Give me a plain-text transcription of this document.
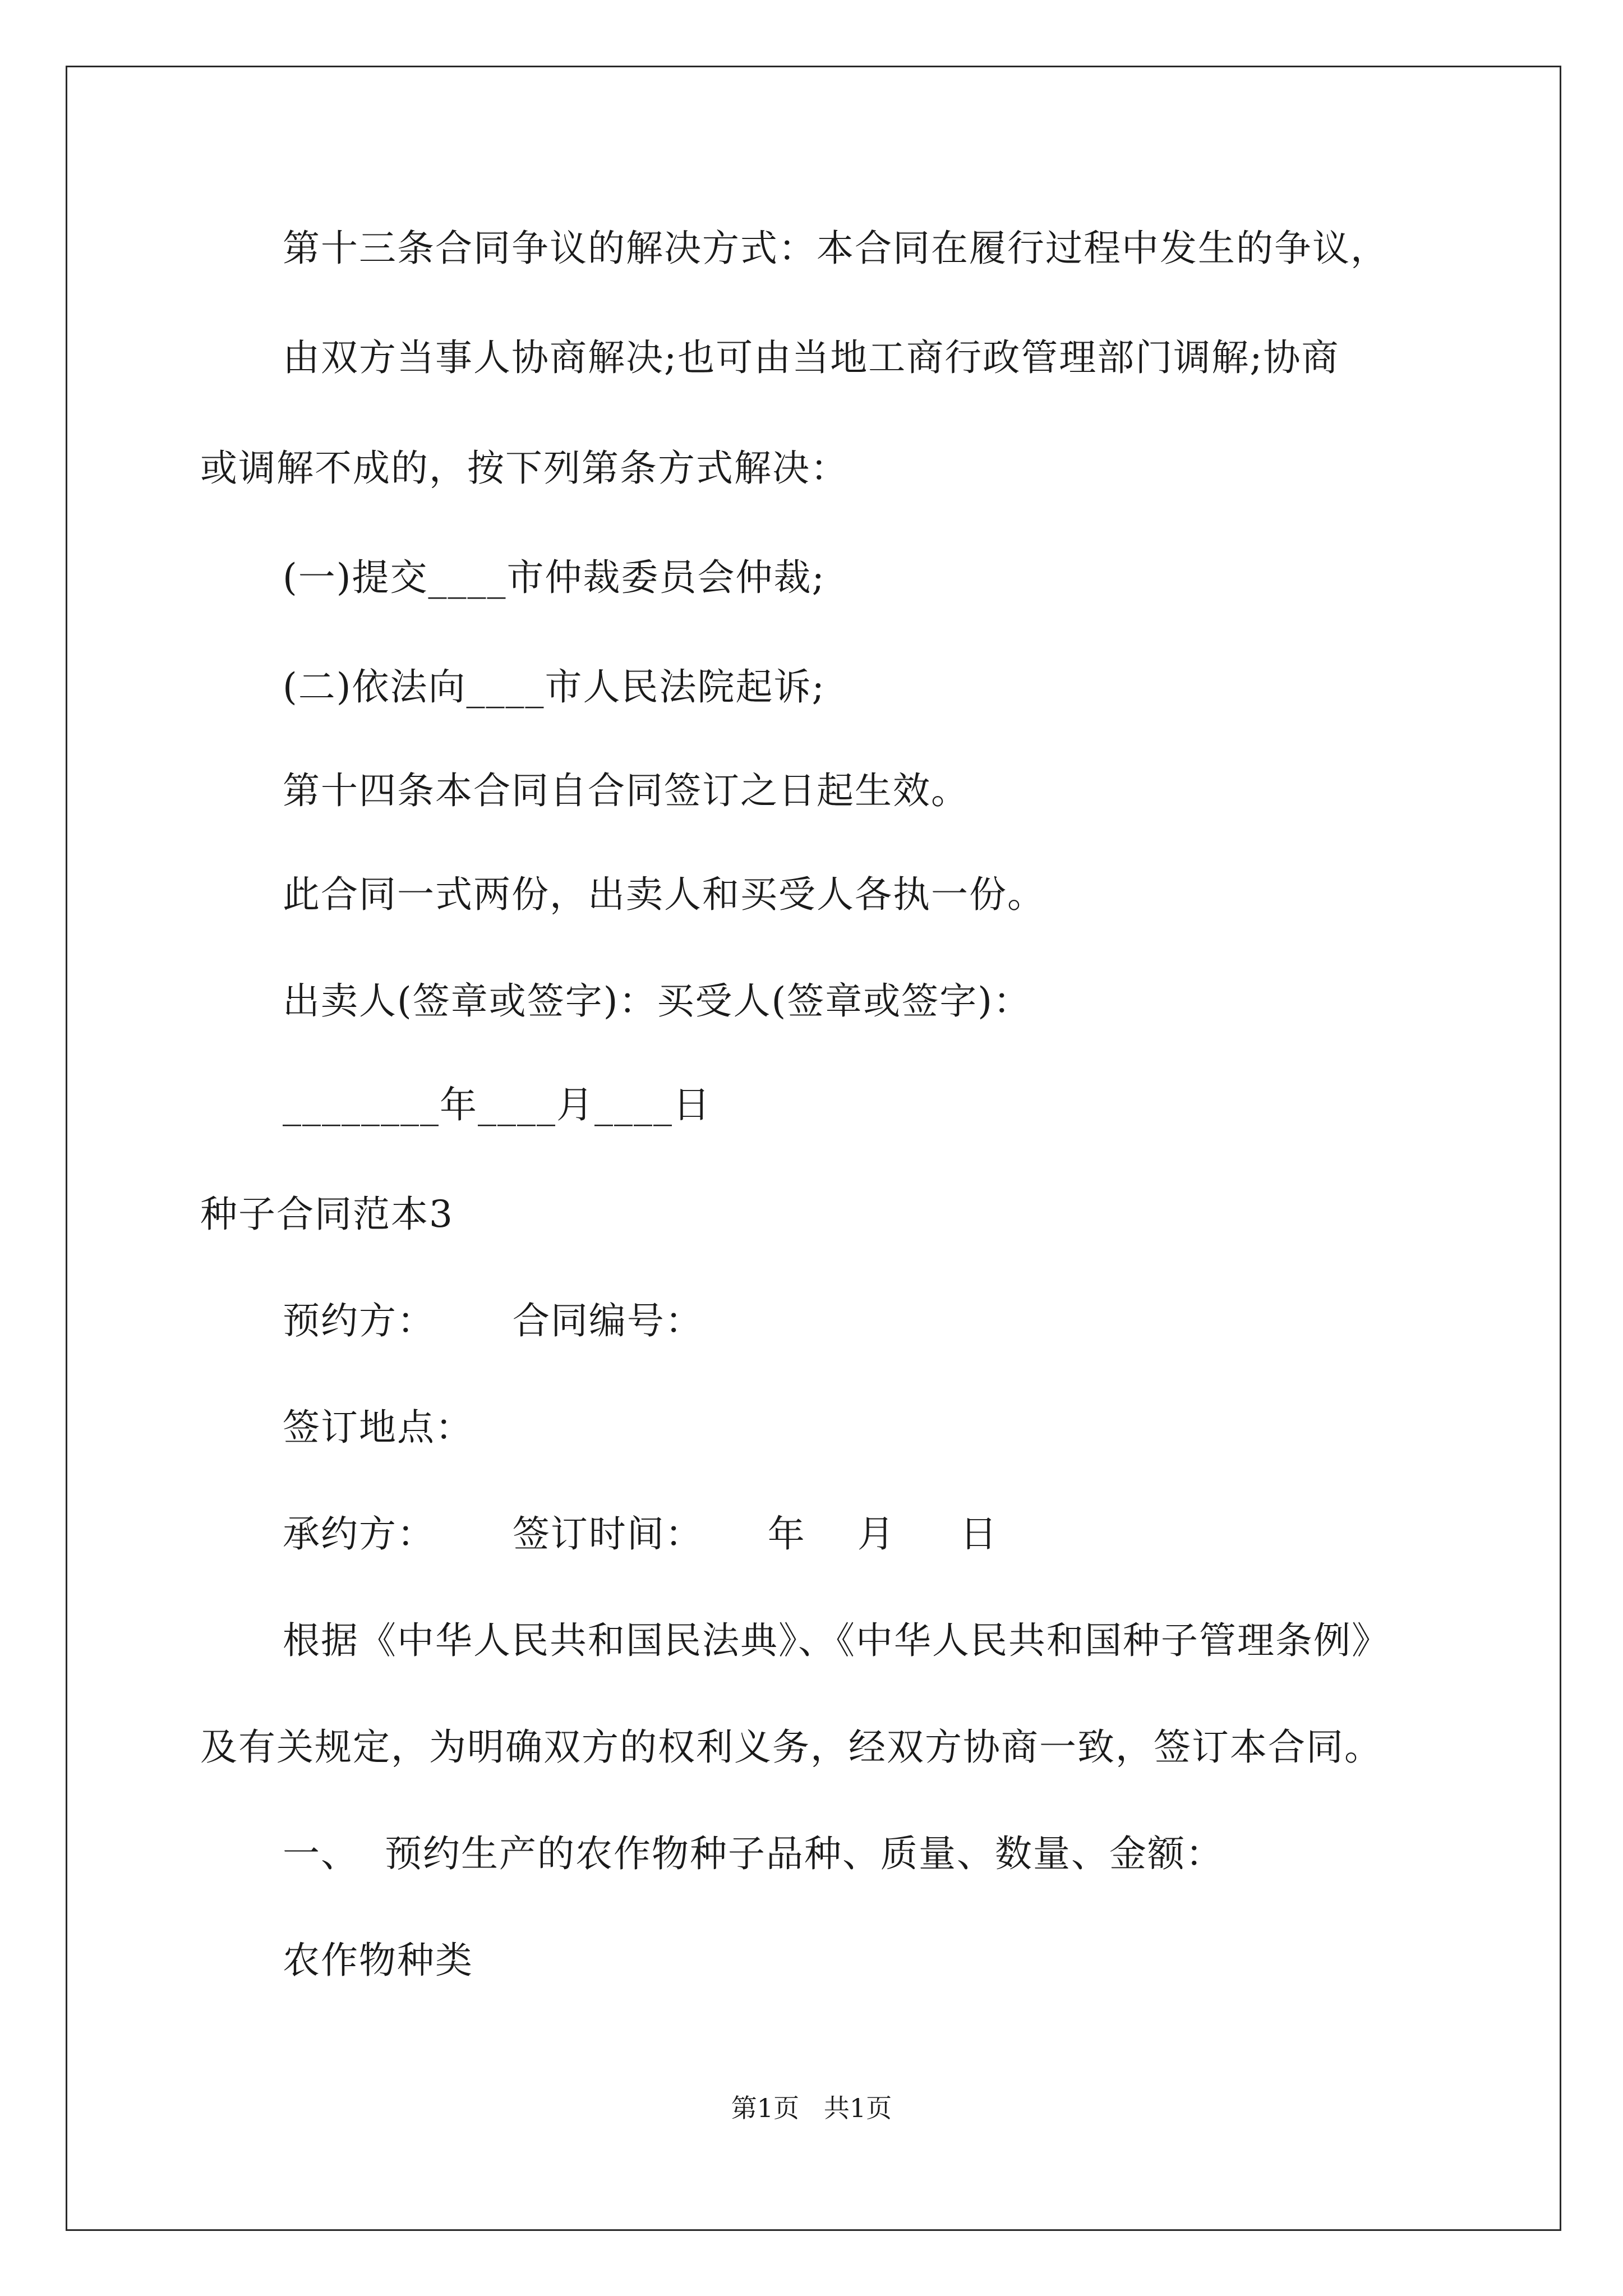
第十三条合同争议的解决方式：本合同在履行过程中发生的争议，
由双方当事人协商解决;也可由当地工商行政管理部门调解;协商
或调解不成的，按下列第条方式解决：
(一)提交____市仲裁委员会仲裁;
(二)依法向____市人民法院起诉;
第十四条本合同自合同签订之日起生效。
此合同一式两份，出卖人和买受人各执一份。
出卖人(签章或签字)：买受人(签章或签字)：
________年____月____日
种子合同范本3
预约方：      合同编号：
签订地点：
承约方：      签订时间：     年    月     日
根据《中华人民共和国民法典》、《中华人民共和国种子管理条例》
及有关规定，为明确双方的权利义务，经双方协商一致，签订本合同。
一、  预约生产的农作物种子品种、质量、数量、金额：
农作物种类
第1页   共1页
